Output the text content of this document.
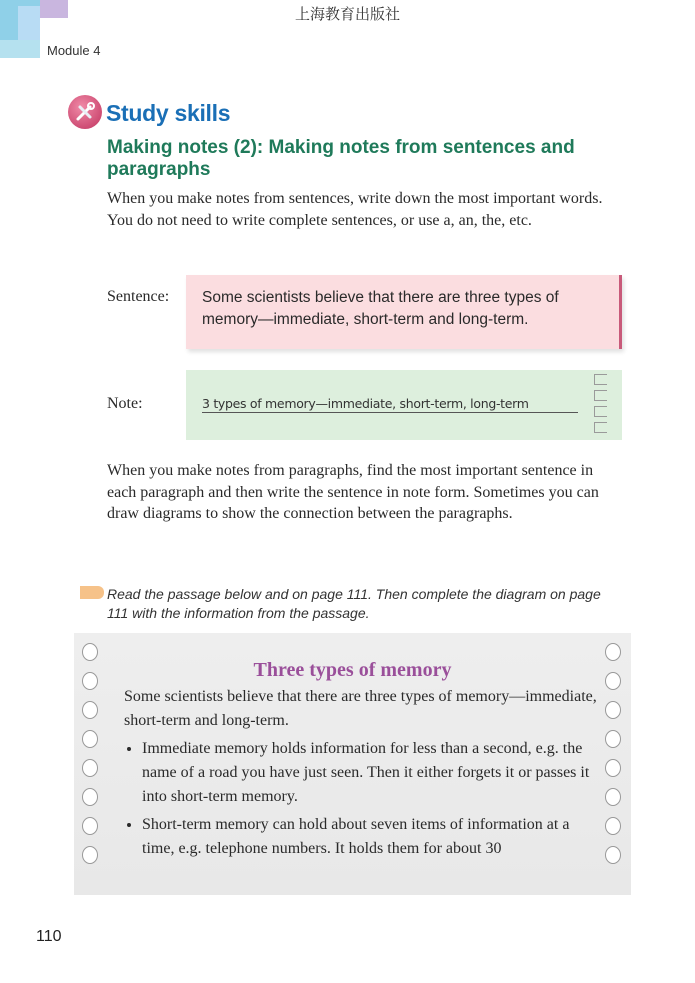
上海教育出版社
Module 4
Study skills
Making notes (2): Making notes from sentences and paragraphs
When you make notes from sentences, write down the most important words. You do not need to write complete sentences, or use a, an, the, etc.
Sentence: Some scientists believe that there are three types of memory—immediate, short-term and long-term.
Note:	3 types of memory—immediate, short-term, long-term
When you make notes from paragraphs, find the most important sentence in each paragraph and then write the sentence in note form. Sometimes you can draw diagrams to show the connection between the paragraphs.
Read the passage below and on page 111. Then complete the diagram on page 111 with the information from the passage.
Three types of memory
Some scientists believe that there are three types of memory—immediate, short-term and long-term.
• Immediate memory holds information for less than a second, e.g. the name of a road you have just seen. Then it either forgets it or passes it into short-term memory.
• Short-term memory can hold about seven items of information at a time, e.g. telephone numbers. It holds them for about 30
110
